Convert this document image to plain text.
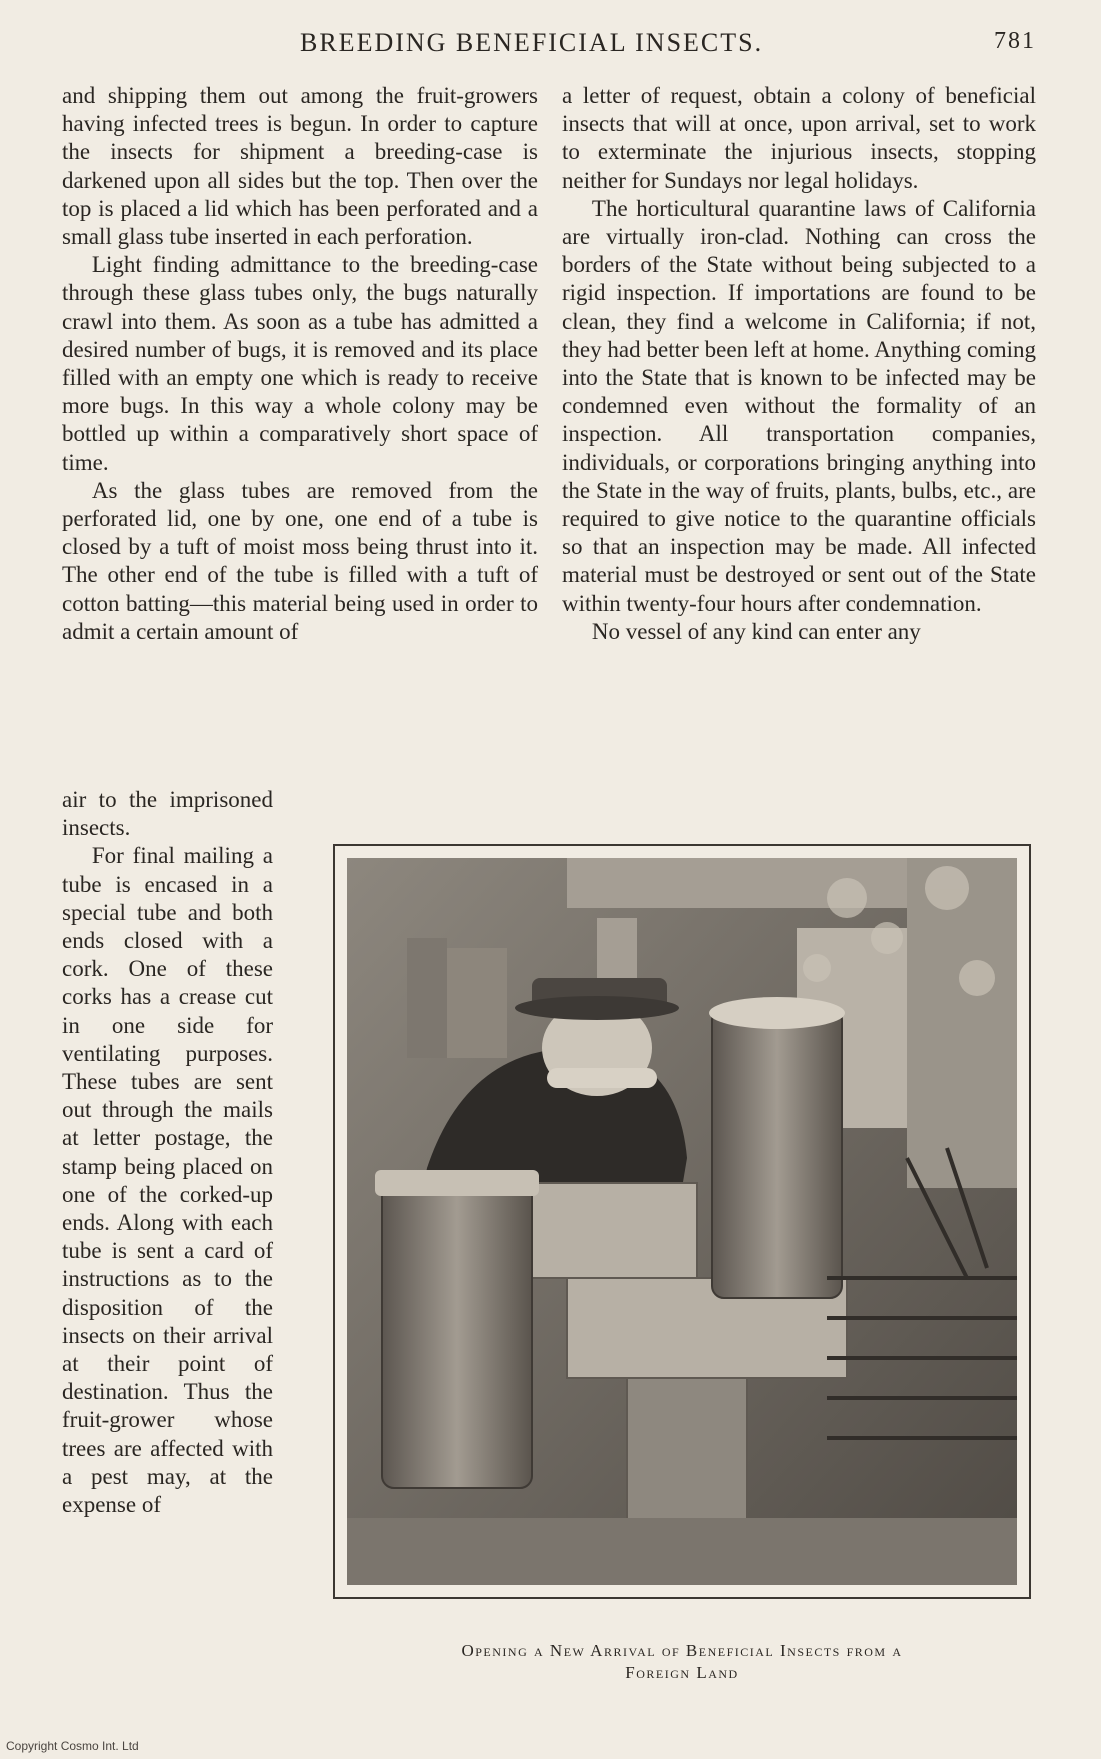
BREEDING BENEFICIAL INSECTS.	781

and shipping them out among the fruit-growers having infected trees is begun. In order to capture the insects for shipment a breeding-case is darkened upon all sides but the top. Then over the top is placed a lid which has been perforated and a small glass tube inserted in each perforation.

Light finding admittance to the breeding-case through these glass tubes only, the bugs naturally crawl into them. As soon as a tube has admitted a desired number of bugs, it is removed and its place filled with an empty one which is ready to receive more bugs. In this way a whole colony may be bottled up within a comparatively short space of time.

As the glass tubes are removed from the perforated lid, one by one, one end of a tube is closed by a tuft of moist moss being thrust into it. The other end of the tube is filled with a tuft of cotton batting—this material being used in order to admit a certain amount of

air to the imprisoned insects.

For final mailing a tube is encased in a special tube and both ends closed with a cork. One of these corks has a crease cut in one side for ventilating purposes. These tubes are sent out through the mails at letter postage, the stamp being placed on one of the corked-up ends. Along with each tube is sent a card of instructions as to the disposition of the insects on their arrival at their point of destination. Thus the fruit-grower whose trees are affected with a pest may, at the expense of

a letter of request, obtain a colony of beneficial insects that will at once, upon arrival, set to work to exterminate the injurious insects, stopping neither for Sundays nor legal holidays.

The horticultural quarantine laws of California are virtually iron-clad. Nothing can cross the borders of the State without being subjected to a rigid inspection. If importations are found to be clean, they find a welcome in California; if not, they had better been left at home. Anything coming into the State that is known to be infected may be condemned even without the formality of an inspection. All transportation companies, individuals, or corporations bringing anything into the State in the way of fruits, plants, bulbs, etc., are required to give notice to the quarantine officials so that an inspection may be made. All infected material must be destroyed or sent out of the State within twenty-four hours after condemnation.

No vessel of any kind can enter any

Opening a New Arrival of Beneficial Insects from a
Foreign Land
Copyright Cosmo Int. Ltd
